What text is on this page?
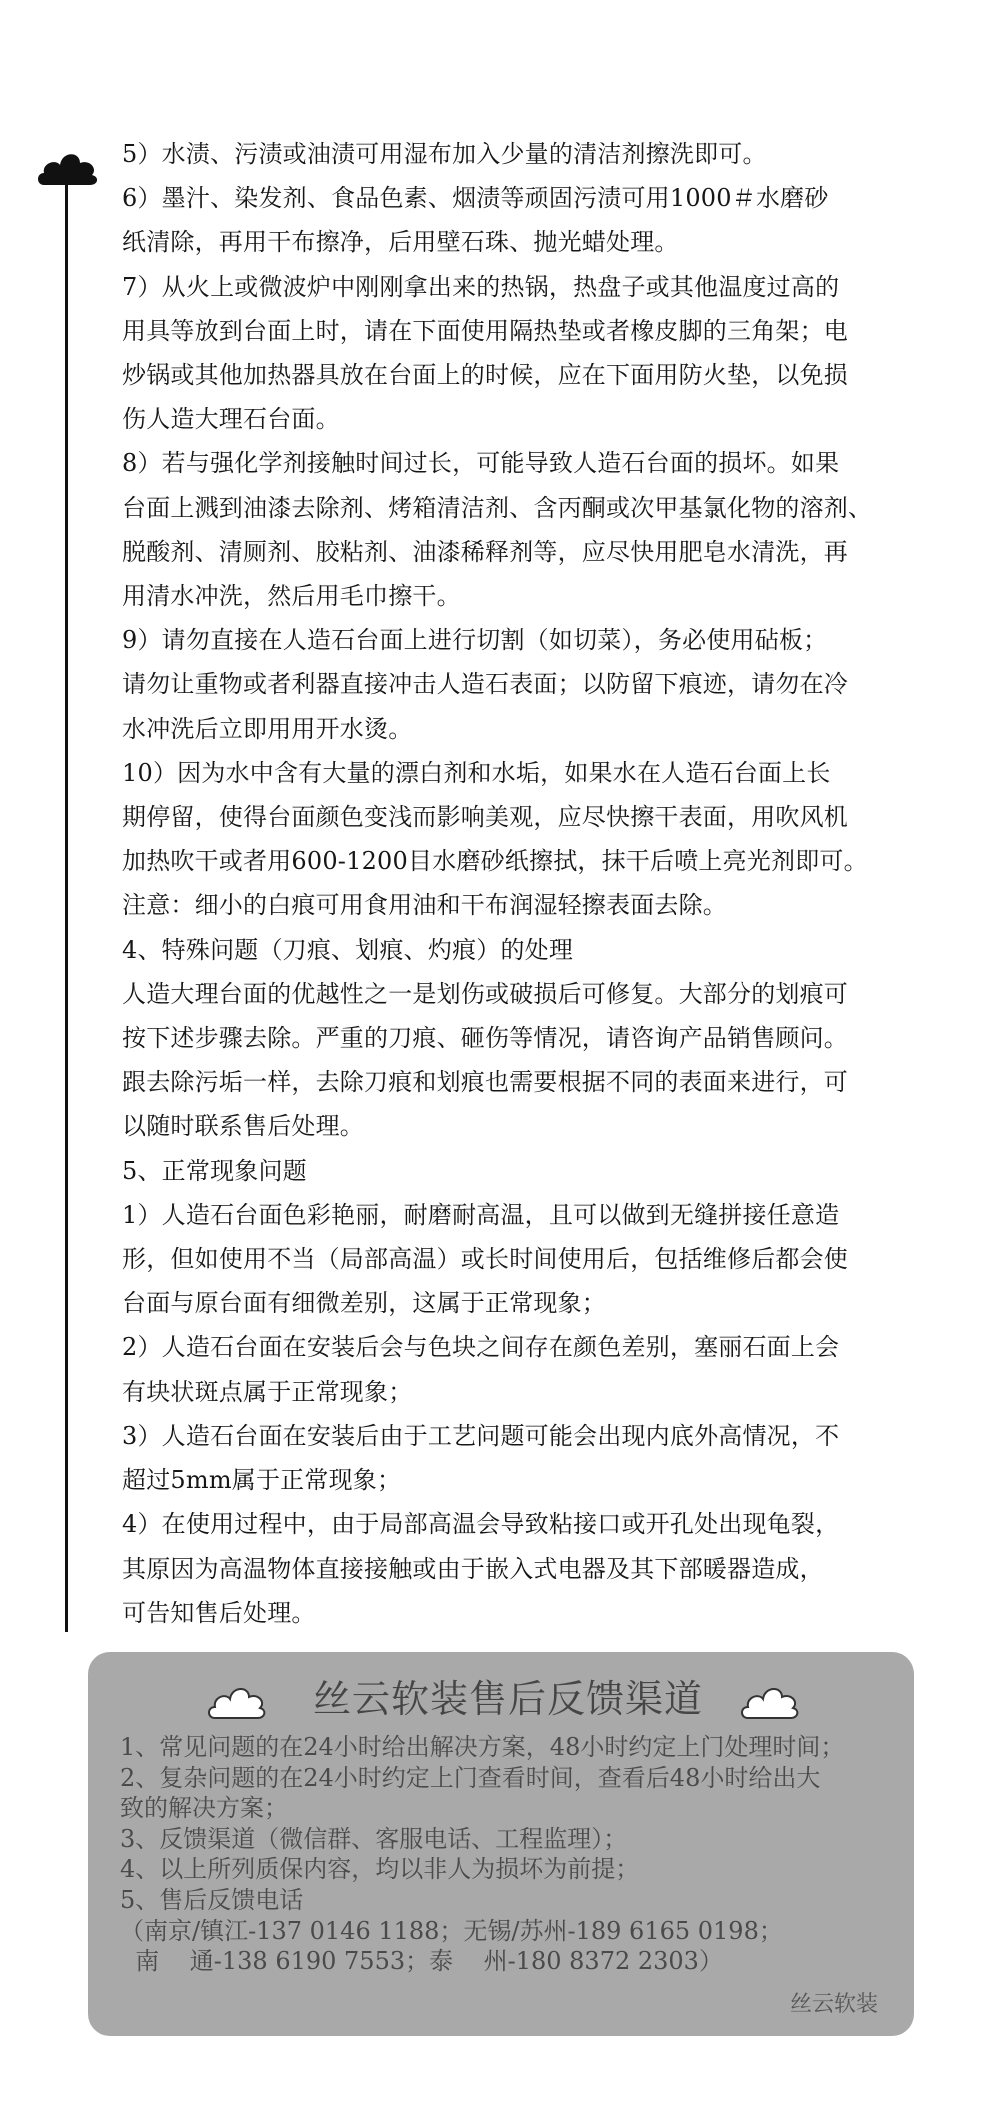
5）水渍、污渍或油渍可用湿布加入少量的清洁剂擦洗即可。
6）墨汁、染发剂、食品色素、烟渍等顽固污渍可用1000＃水磨砂
纸清除，再用干布擦净，后用壁石珠、抛光蜡处理。
7）从火上或微波炉中刚刚拿出来的热锅，热盘子或其他温度过高的
用具等放到台面上时，请在下面使用隔热垫或者橡皮脚的三角架；电
炒锅或其他加热器具放在台面上的时候，应在下面用防火垫，以免损
伤人造大理石台面。
8）若与强化学剂接触时间过长，可能导致人造石台面的损坏。如果
台面上溅到油漆去除剂、烤箱清洁剂、含丙酮或次甲基氯化物的溶剂、
脱酸剂、清厕剂、胶粘剂、油漆稀释剂等，应尽快用肥皂水清洗，再
用清水冲洗，然后用毛巾擦干。
9）请勿直接在人造石台面上进行切割（如切菜），务必使用砧板；
请勿让重物或者利器直接冲击人造石表面；以防留下痕迹，请勿在冷
水冲洗后立即用用开水烫。
10）因为水中含有大量的漂白剂和水垢，如果水在人造石台面上长
期停留，使得台面颜色变浅而影响美观，应尽快擦干表面，用吹风机
加热吹干或者用600-1200目水磨砂纸擦拭，抹干后喷上亮光剂即可。
注意：细小的白痕可用食用油和干布润湿轻擦表面去除。
4、特殊问题（刀痕、划痕、灼痕）的处理
人造大理台面的优越性之一是划伤或破损后可修复。大部分的划痕可
按下述步骤去除。严重的刀痕、砸伤等情况，请咨询产品销售顾问。
跟去除污垢一样，去除刀痕和划痕也需要根据不同的表面来进行，可
以随时联系售后处理。
5、正常现象问题
1）人造石台面色彩艳丽，耐磨耐高温，且可以做到无缝拼接任意造
形，但如使用不当（局部高温）或长时间使用后，包括维修后都会使
台面与原台面有细微差别，这属于正常现象；
2）人造石台面在安装后会与色块之间存在颜色差别，塞丽石面上会
有块状斑点属于正常现象；
3）人造石台面在安装后由于工艺问题可能会出现内底外高情况，不
超过5mm属于正常现象；
4）在使用过程中，由于局部高温会导致粘接口或开孔处出现龟裂，
其原因为高温物体直接接触或由于嵌入式电器及其下部暖器造成，
可告知售后处理。
丝云软装售后反馈渠道
1、常见问题的在24小时给出解决方案，48小时约定上门处理时间；
2、复杂问题的在24小时约定上门查看时间，查看后48小时给出大
致的解决方案；
3、反馈渠道（微信群、客服电话、工程监理）；
4、以上所列质保内容，均以非人为损坏为前提；
5、售后反馈电话
（南京/镇江-137 0146 1188；无锡/苏州-189 6165 0198；
南    通-138 6190 7553；泰    州-180 8372 2303）
丝云软装
